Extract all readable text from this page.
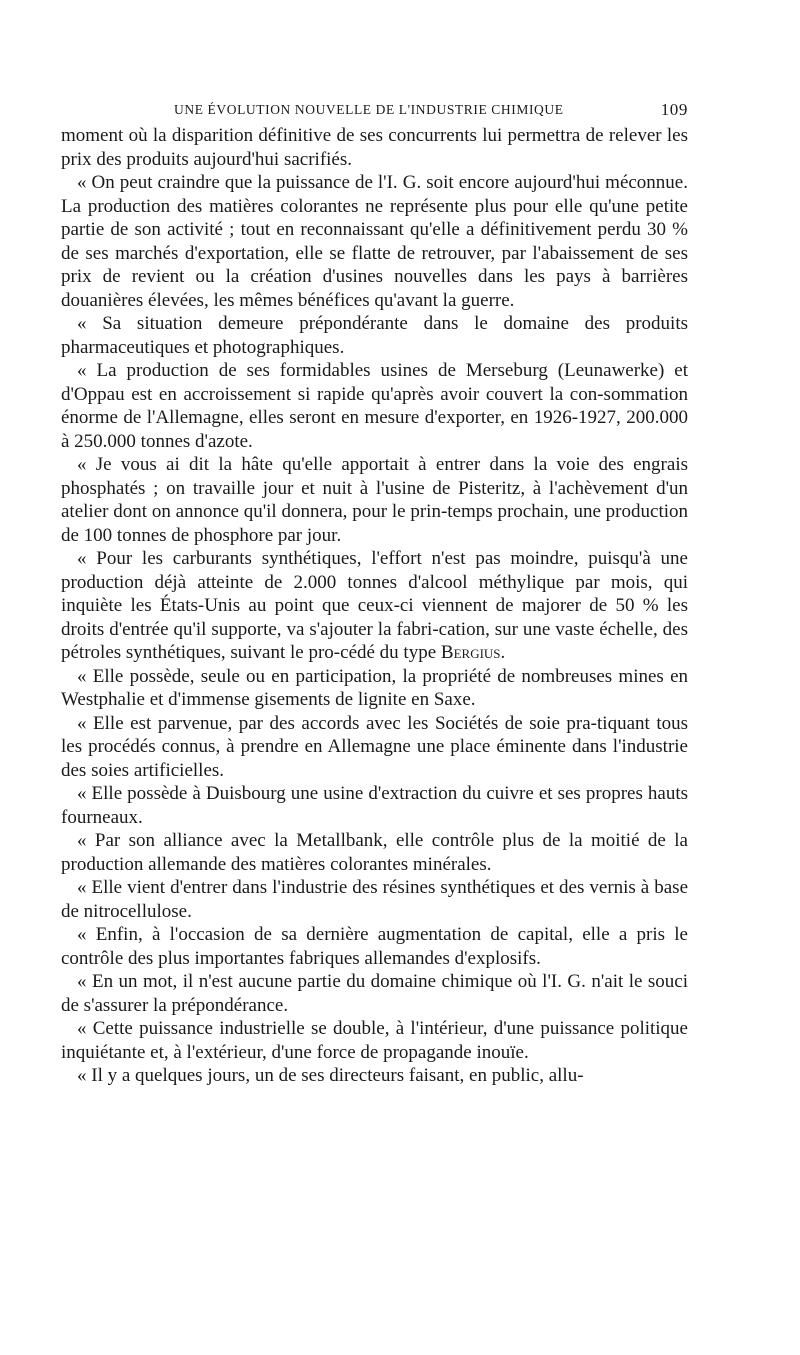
UNE ÉVOLUTION NOUVELLE DE L'INDUSTRIE CHIMIQUE	109

moment où la disparition définitive de ses concurrents lui permettra de relever les prix des produits aujourd'hui sacrifiés.

« On peut craindre que la puissance de l'I. G. soit encore aujourd'hui méconnue. La production des matières colorantes ne représente plus pour elle qu'une petite partie de son activité ; tout en reconnaissant qu'elle a définitivement perdu 30 % de ses marchés d'exportation, elle se flatte de retrouver, par l'abaissement de ses prix de revient ou la création d'usines nouvelles dans les pays à barrières douanières élevées, les mêmes bénéfices qu'avant la guerre.

« Sa situation demeure prépondérante dans le domaine des produits pharmaceutiques et photographiques.

« La production de ses formidables usines de Merseburg (Leunawerke) et d'Oppau est en accroissement si rapide qu'après avoir couvert la con-sommation énorme de l'Allemagne, elles seront en mesure d'exporter, en 1926-1927, 200.000 à 250.000 tonnes d'azote.

« Je vous ai dit la hâte qu'elle apportait à entrer dans la voie des engrais phosphatés ; on travaille jour et nuit à l'usine de Pisteritz, à l'achèvement d'un atelier dont on annonce qu'il donnera, pour le prin-temps prochain, une production de 100 tonnes de phosphore par jour.

« Pour les carburants synthétiques, l'effort n'est pas moindre, puisqu'à une production déjà atteinte de 2.000 tonnes d'alcool méthylique par mois, qui inquiète les États-Unis au point que ceux-ci viennent de majorer de 50 % les droits d'entrée qu'il supporte, va s'ajouter la fabri-cation, sur une vaste échelle, des pétroles synthétiques, suivant le pro-cédé du type Bergius.

« Elle possède, seule ou en participation, la propriété de nombreuses mines en Westphalie et d'immense gisements de lignite en Saxe.

« Elle est parvenue, par des accords avec les Sociétés de soie pra-tiquant tous les procédés connus, à prendre en Allemagne une place éminente dans l'industrie des soies artificielles.

« Elle possède à Duisbourg une usine d'extraction du cuivre et ses propres hauts fourneaux.

« Par son alliance avec la Metallbank, elle contrôle plus de la moitié de la production allemande des matières colorantes minérales.

« Elle vient d'entrer dans l'industrie des résines synthétiques et des vernis à base de nitrocellulose.

« Enfin, à l'occasion de sa dernière augmentation de capital, elle a pris le contrôle des plus importantes fabriques allemandes d'explosifs.

« En un mot, il n'est aucune partie du domaine chimique où l'I. G. n'ait le souci de s'assurer la prépondérance.

« Cette puissance industrielle se double, à l'intérieur, d'une puissance politique inquiétante et, à l'extérieur, d'une force de propagande inouïe.

« Il y a quelques jours, un de ses directeurs faisant, en public, allu-
